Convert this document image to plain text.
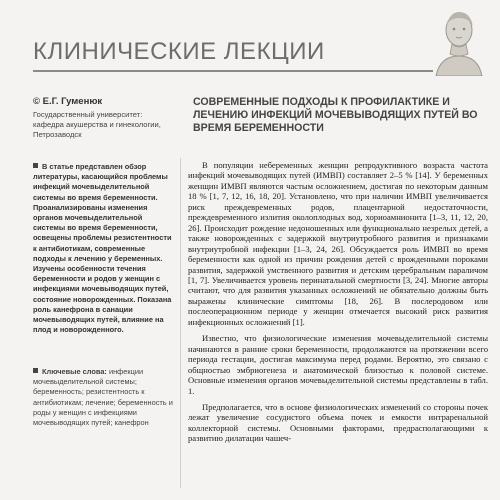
КЛИНИЧЕСКИЕ ЛЕКЦИИ
© Е.Г. Гуменюк
Государственный университет: кафедра акушерства и гинекологии, Петрозаводск
СОВРЕМЕННЫЕ ПОДХОДЫ К ПРОФИЛАКТИКЕ И ЛЕЧЕНИЮ ИНФЕКЦИЙ МОЧЕВЫВОДЯЩИХ ПУТЕЙ ВО ВРЕМЯ БЕРЕМЕННОСТИ
В статье представлен обзор литературы, касающийся проблемы инфекций мочевыделительной системы во время беременности. Проанализированы изменения органов мочевыделительной системы во время беременности, освещены проблемы резистентности к антибиотикам, современные подходы к лечению у беременных. Изучены особенности течения беременности и родов у женщин с инфекциями мочевыводящих путей, состояние новорожденных. Показана роль канефрона в санации мочевыводящих путей, влияние на плод и новорожденного.
Ключевые слова: инфекции мочевыделительной системы; беременность; резистентность к антибиотикам; лечение; беременность и роды у женщин с инфекциями мочевыводящих путей; канефрон

В популяции небеременных женщин репродуктивного возраста частота инфекций мочевыводящих путей (ИМВП) составляет 2–5 % [14]. У беременных женщин ИМВП являются частым осложнением, достигая по некоторым данным 18 % [1, 7, 12, 16, 18, 20]. Установлено, что при наличии ИМВП увеличивается риск преждевременных родов, плацентарной недостаточности, преждевременного излития околоплодных вод, хориоамнионита [1–3, 11, 12, 20, 26]. Происходит рождение недоношенных или функционально незрелых детей, а также новорожденных с задержкой внутриутробного развития и признаками внутриутробной инфекции [1–3, 24, 26]. Обсуждается роль ИМВП во время беременности как одной из причин рождения детей с врожденными пороками развития, задержкой умственного развития и детским церебральным параличом [1, 7]. Увеличивается уровень перинатальной смертности [3, 24]. Многие авторы считают, что для развития указанных осложнений не обязательно должны быть выражены клинические симптомы [18, 26]. В послеродовом или послеоперационном периоде у женщин отмечается высокий риск развития инфекционных осложнений [1].

Известно, что физиологические изменения мочевыделительной системы начинаются в ранние сроки беременности, продолжаются на протяжении всего периода гестации, достигая максимума перед родами. Вероятно, это связано с общностью эмбриогенеза и анатомической близостью к половой системе. Основные изменения органов мочевыделительной системы представлены в табл. 1.

Предполагается, что в основе физиологических изменений со стороны почек лежат увеличение сосудистого объема почек и емкости интраренальной коллекторной системы. Основными факторами, предрасполагающими к развитию дилатации чашеч-
